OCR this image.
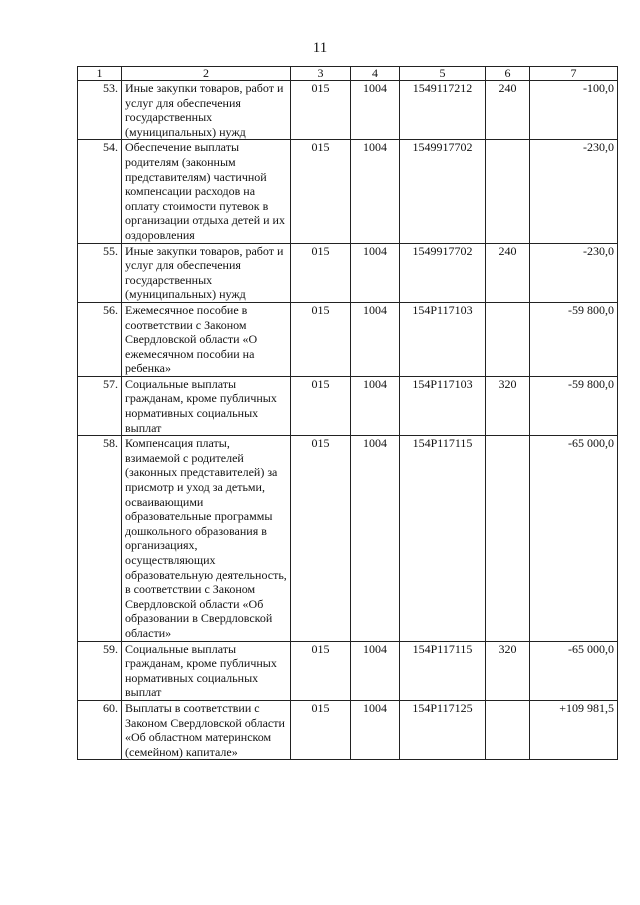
11
1	2	3	4	5	6	7
53.	Иные закупки товаров, работ и услуг для обеспечения государственных (муниципальных) нужд	015	1004	1549117212	240	-100,0
54.	Обеспечение выплаты родителям (законным представителям) частичной компенсации расходов на оплату стоимости путевок в организации отдыха детей и их оздоровления	015	1004	1549917702		-230,0
55.	Иные закупки товаров, работ и услуг для обеспечения государственных (муниципальных) нужд	015	1004	1549917702	240	-230,0
56.	Ежемесячное пособие в соответствии с Законом Свердловской области «О ежемесячном пособии на ребенка»	015	1004	154P117103		-59 800,0
57.	Социальные выплаты гражданам, кроме публичных нормативных социальных выплат	015	1004	154P117103	320	-59 800,0
58.	Компенсация платы, взимаемой с родителей (законных представителей) за присмотр и уход за детьми, осваивающими образовательные программы дошкольного образования в организациях, осуществляющих образовательную деятельность, в соответствии с Законом Свердловской области «Об образовании в Свердловской области»	015	1004	154P117115		-65 000,0
59.	Социальные выплаты гражданам, кроме публичных нормативных социальных выплат	015	1004	154P117115	320	-65 000,0
60.	Выплаты в соответствии с Законом Свердловской области «Об областном материнском (семейном) капитале»	015	1004	154P117125		+109 981,5
